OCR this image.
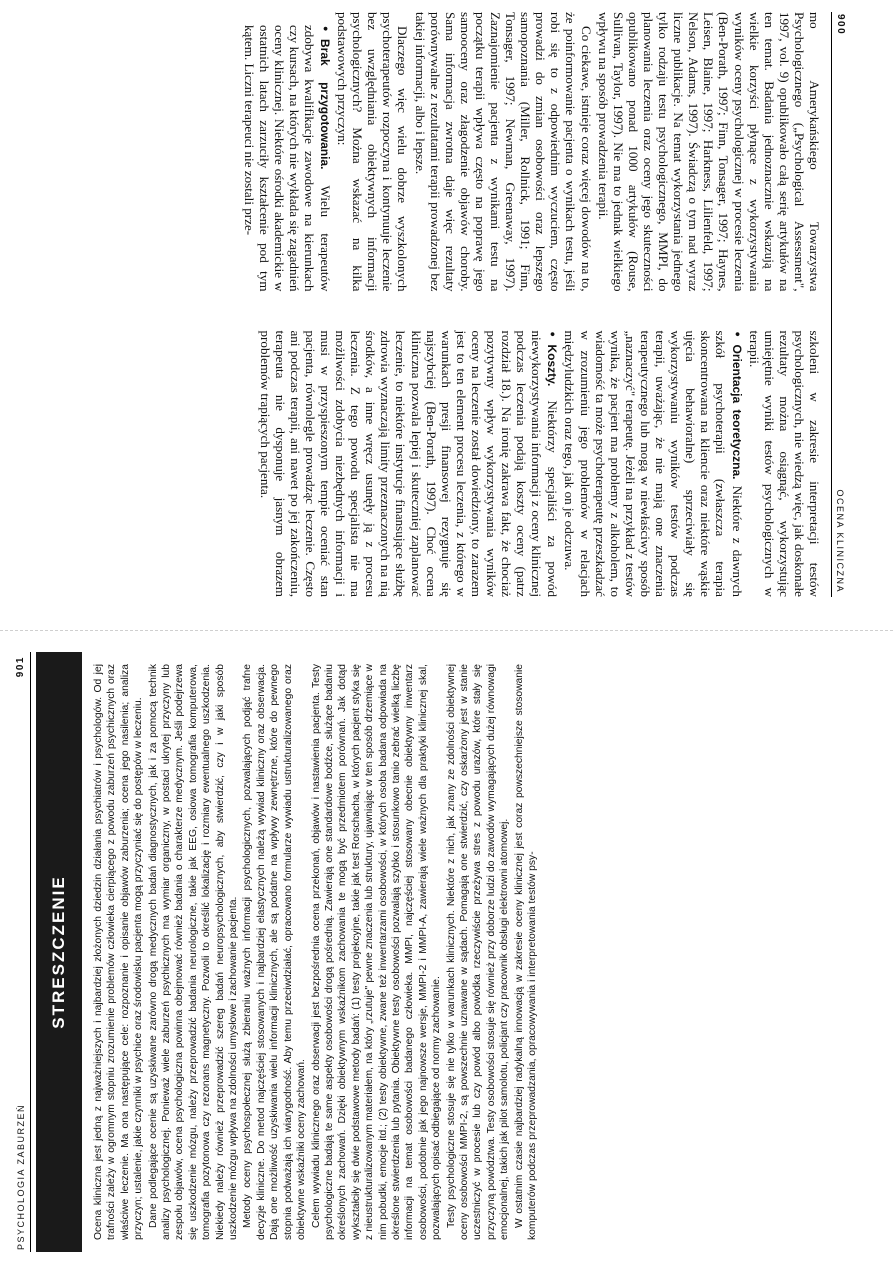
900
OCENA KLINICZNA

mo Amerykańskiego Towarzystwa Psychologicznego („Psychological Assessment", 1997, vol. 9) opublikowało całą serię artykułów na ten temat. Badania jednoznacznie wskazują na wielkie korzyści płynące z wykorzystywania wyników oceny psychologicznej w procesie leczenia (Ben-Porath, 1997; Finn, Tonsager, 1997; Haynes, Leisen, Blaine, 1997; Harkness, Lilienfeld, 1997; Nelson, Adams, 1997). Świadczą o tym nad wyraz liczne publikacje. Na temat wykorzystania jednego tylko rodzaju testu psychologicznego, MMPI, do planowania leczenia oraz oceny jego skuteczności opublikowano ponad 1000 artykułów (Rouse, Sullivan, Taylor, 1997). Nie ma to jednak wielkiego wpływu na sposób prowadzenia terapii.

Co ciekawe, istnieje coraz więcej dowodów na to, że poinformowanie pacjenta o wynikach testu, jeśli robi się to z odpowiednim wyczuciem, często prowadzi do zmian osobowości oraz lepszego samopoznania (Miller, Rollnick, 1991; Finn, Tonsager, 1997; Newman, Greenaway, 1997). Zaznajomienie pacjenta z wynikami testu na początku terapii wpływa często na poprawę jego samooceny oraz złagodzenie objawów choroby. Sama informacja zwrotna daje więc rezultaty porównywalne z rezultatami terapii prowadzonej bez takiej informacji, albo i lepsze.

Dlaczego więc wielu dobrze wyszkolonych psychoterapeutów rozpoczyna i kontynuuje leczenie bez uwzględniania obiektywnych informacji psychologicznych? Można wskazać na kilka podstawowych przyczyn:

● Brak przygotowania. Wielu terapeutów zdobywa kwalifikacje zawodowe na kierunkach czy kursach, na których nie wykłada się zagadnień oceny klinicznej. Niektóre ośrodki akademickie w ostatnich latach zarzuciły kształcenie pod tym kątem. Liczni terapeuci nie zostali prze-

szkoleni w zakresie interpretacji testów psychologicznych, nie wiedzą więc, jak doskonałe rezultaty można osiągnąć, wykorzystując umiejętnie wyniki testów psychologicznych w terapii.

● Orientacja teoretyczna. Niektóre z dawnych szkół psychoterapii (zwłaszcza terapia skoncentrowana na kliencie oraz niektóre wąskie ujęcia behawioralne) sprzeciwiały się wykorzystywaniu wyników testów podczas terapii, uważając, że nie mają one znaczenia terapeutycznego lub mogą w niewłaściwy sposób „naznaczyć" terapeutę. Jeżeli na przykład z testów wynika, że pacjent ma problemy z alkoholem, to wiadomość ta może psychoterapeutę przeszkadzać w zrozumieniu jego problemów w relacjach międzyludzkich oraz tego, jak on je odczuwa.

● Koszty. Niektórzy specjaliści za powód niewykorzystywania informacji z oceny klinicznej podczas leczenia podają koszty oceny (patrz rozdział 18.). Na ironię zakrawa fakt, że chociaż pozytywny wpływ wykorzystywania wyników oceny na leczenie został dowiedziony, to zarazem jest to ten element procesu leczenia, z którego w warunkach presji finansowej rezygnuje się najszybciej (Ben-Porath, 1997). Choć ocena kliniczna pozwala lepiej i skuteczniej zaplanować leczenie, to niektóre instytucje finansujące służbę zdrowia wyznaczają limity przeznaczonych na nią środków, a inne wręcz usunęły ją z procesu leczenia. Z tego powodu specjalista nie ma możliwości zdobycia niezbędnych informacji i musi w przyspieszonym tempie oceniać stan pacjenta, równolegle prowadząc leczenie. Często ani podczas terapii, ani nawet po jej zakończeniu, terapeuta nie dysponuje jasnym obrazem problemów trapiących pacjenta.

PSYCHOLOGIA ZABURZEŃ
901
STRESZCZENIE	Ocena kliniczna jest jedną z najważniejszych i najbardziej złożonych dziedzin działania psychiatrów i psychologów. Od jej trafności zależy w ogromnym stopniu zrozumienie problemów człowieka cierpiącego z powodu zaburzeń psychicznych oraz właściwe leczenie. Ma ona następujące cele: rozpoznanie i opisanie objawów zaburzenia; ocena jego nasilenia; analiza przyczyn; ustalenie, jakie czynniki w psychice oraz środowisku pacjenta mogą przyczyniać się do postępów w leczeniu. Dane podlegające ocenie są uzyskiwane zarówno drogą medycznych badań diagnostycznych, jak i za pomocą technik analizy psychologicznej. Ponieważ wiele zaburzeń psychicznych ma wymiar organiczny, w postaci ukrytej przyczyny lub zespołu objawów, ocena psychologiczna powinna obejmować również badania o charakterze medycznym. Jeśli podejrzewa się uszkodzenie mózgu, należy przeprowadzić badania neurologiczne, takie jak EEG, osiowa tomografia komputerowa, tomografia pozytonowa czy rezonans magnetyczny. Pozwoli to określić lokalizację i rozmiary ewentualnego uszkodzenia. Niekiedy należy również przeprowadzić szereg badań neuropsychologicznych, aby stwierdzić, czy i w jaki sposób uszkodzenie mózgu wpływa na zdolności umysłowe i zachowanie pacjenta. Metody oceny psychospołecznej służą zbieraniu ważnych informacji psychologicznych, pozwalających podjąć trafne decyzje kliniczne. Do metod najczęściej stosowanych i najbardziej elastycznych należą wywiad kliniczny oraz obserwacja. Dają one możliwość uzyskiwania wielu informacji klinicznych, ale są podatne na wpływy zewnętrzne, które do pewnego stopnia podważają ich wiarygodność. Aby temu przeciwdziałać, opracowano formularze wywiadu ustrukturalizowanego oraz obiektywne wskaźniki oceny zachowań. Celem wywiadu klinicznego oraz obserwacji jest bezpośrednia ocena przekonań, objawów i nastawienia pacjenta. Testy psychologiczne badają te same aspekty osobowości drogą pośrednią. Zawierają one standardowe bodźce, służące badaniu określonych zachowań. Dzięki obiektywnym wskaźnikom zachowania te mogą być przedmiotem porównań. Jak dotąd wykształciły się dwie podstawowe metody badań: (1) testy projekcyjne, takie jak test Rorschacha, w których pacjent styka się z nieustrukturalizowanym materiałem, na który „rzutuje" pewne znaczenia lub struktury, ujawniając w ten sposób drzemiące w nim pobudki, emocje itd.; (2) testy obiektywne, zwane też inwentarzami osobowości, w których osoba badana odpowiada na określone stwierdzenia lub pytania. Obiektywne testy osobowości pozwalają szybko i stosunkowo tanio zebrać wielką liczbę informacji na temat osobowości badanego człowieka. MMPI, najczęściej stosowany obecnie obiektywny inwentarz osobowości, podobnie jak jego najnowsze wersje, MMPI-2 i MMPI-A, zawierają wiele ważnych dla praktyki klinicznej skal, pozwalających opisać odbiegające od normy zachowanie. Testy psychologiczne stosuje się nie tylko w warunkach klinicznych. Niektóre z nich, jak znany ze zdolności obiektywnej oceny osobowości MMPI-2, są powszechnie uznawane w sądach. Pomagają one stwierdzić, czy oskarżony jest w stanie uczestniczyć w procesie lub czy powód albo powódka rzeczywiście przeżywa stres z powodu urazów, które stały się przyczyną powództwa. Testy osobowości stosuje się również przy doborze ludzi do zawodów wymagających dużej równowagi emocjonalnej, takich jak pilot samolotu, policjant czy pracownik obsługi elektrowni atomowej. W ostatnim czasie najbardziej radykalną innowacją w zakresie oceny klinicznej jest coraz powszechniejsze stosowanie komputerów podczas przeprowadzania, opracowywania i interpretowania testów psy-
